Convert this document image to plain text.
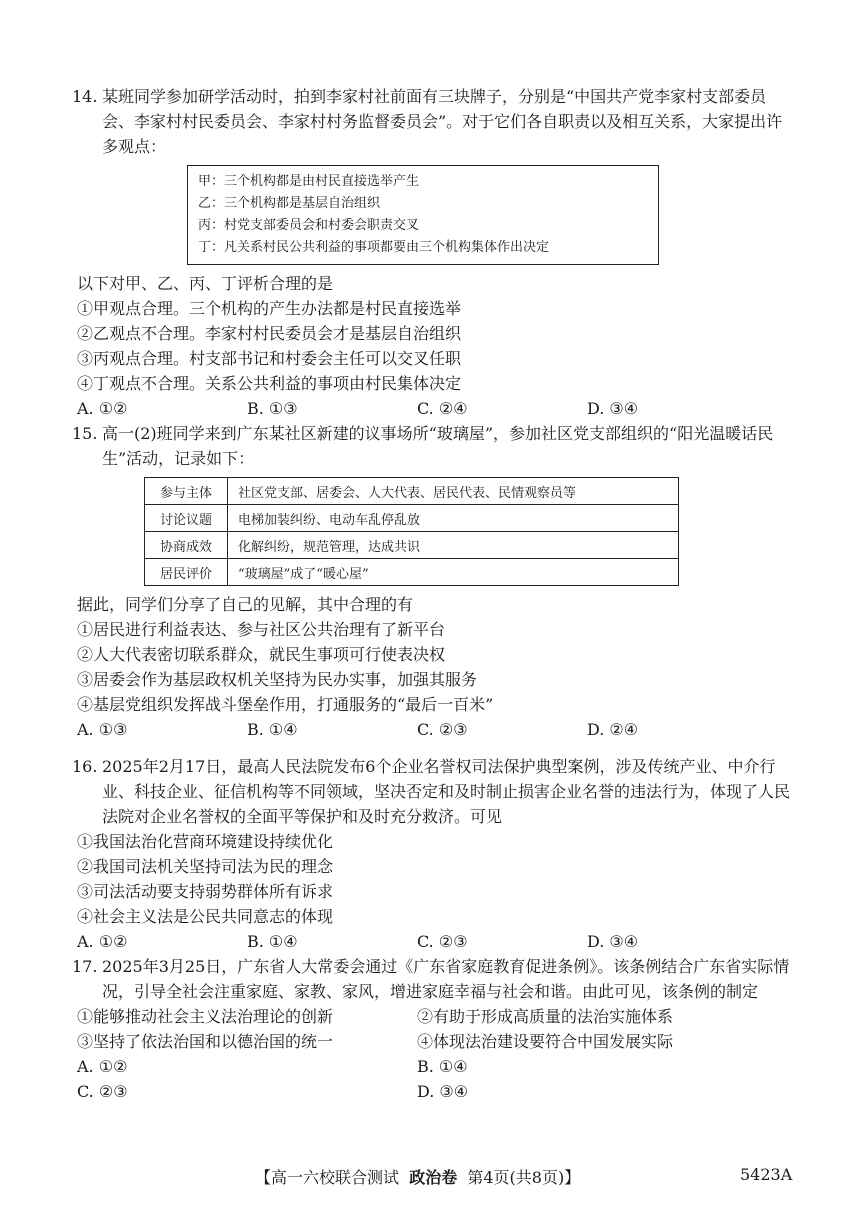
14. 某班同学参加研学活动时，拍到李家村社前面有三块牌子，分别是“中国共产党李家村支部委员会、李家村村民委员会、李家村村务监督委员会”。对于它们各自职责以及相互关系，大家提出许多观点：

甲：三个机构都是由村民直接选举产生
乙：三个机构都是基层自治组织
丙：村党支部委员会和村委会职责交叉
丁：凡关系村民公共利益的事项都要由三个机构集体作出决定

以下对甲、乙、丙、丁评析合理的是

①甲观点合理。三个机构的产生办法都是村民直接选举

②乙观点不合理。李家村村民委员会才是基层自治组织

③丙观点合理。村支部书记和村委会主任可以交叉任职

④丁观点不合理。关系公共利益的事项由村民集体决定

A. ①②	B. ①③	C. ②④	D. ③④

15. 高一(2)班同学来到广东某社区新建的议事场所“玻璃屋”，参加社区党支部组织的“阳光温暖话民生”活动，记录如下：

参与主体	社区党支部、居委会、人大代表、居民代表、民情观察员等
讨论议题	电梯加装纠纷、电动车乱停乱放
协商成效	化解纠纷，规范管理，达成共识
居民评价	“玻璃屋”成了“暖心屋”

据此，同学们分享了自己的见解，其中合理的有

①居民进行利益表达、参与社区公共治理有了新平台

②人大代表密切联系群众，就民生事项可行使表决权

③居委会作为基层政权机关坚持为民办实事，加强其服务

④基层党组织发挥战斗堡垒作用，打通服务的“最后一百米”

A. ①③	B. ①④	C. ②③	D. ②④

16. 2025年2月17日，最高人民法院发布6个企业名誉权司法保护典型案例，涉及传统产业、中介行业、科技企业、征信机构等不同领域，坚决否定和及时制止损害企业名誉的违法行为，体现了人民法院对企业名誉权的全面平等保护和及时充分救济。可见

①我国法治化营商环境建设持续优化

②我国司法机关坚持司法为民的理念

③司法活动要支持弱势群体所有诉求

④社会主义法是公民共同意志的体现

A. ①②	B. ①④	C. ②③	D. ③④

17. 2025年3月25日，广东省人大常委会通过《广东省家庭教育促进条例》。该条例结合广东省实际情况，引导全社会注重家庭、家教、家风，增进家庭幸福与社会和谐。由此可见，该条例的制定

①能够推动社会主义法治理论的创新	②有助于形成高质量的法治实施体系
③坚持了依法治国和以德治国的统一	④体现法治建设要符合中国发展实际
A. ①②	B. ①④
C. ②③	D. ③④
【高一六校联合测试 政治卷 第4页(共8页)】	5423A
